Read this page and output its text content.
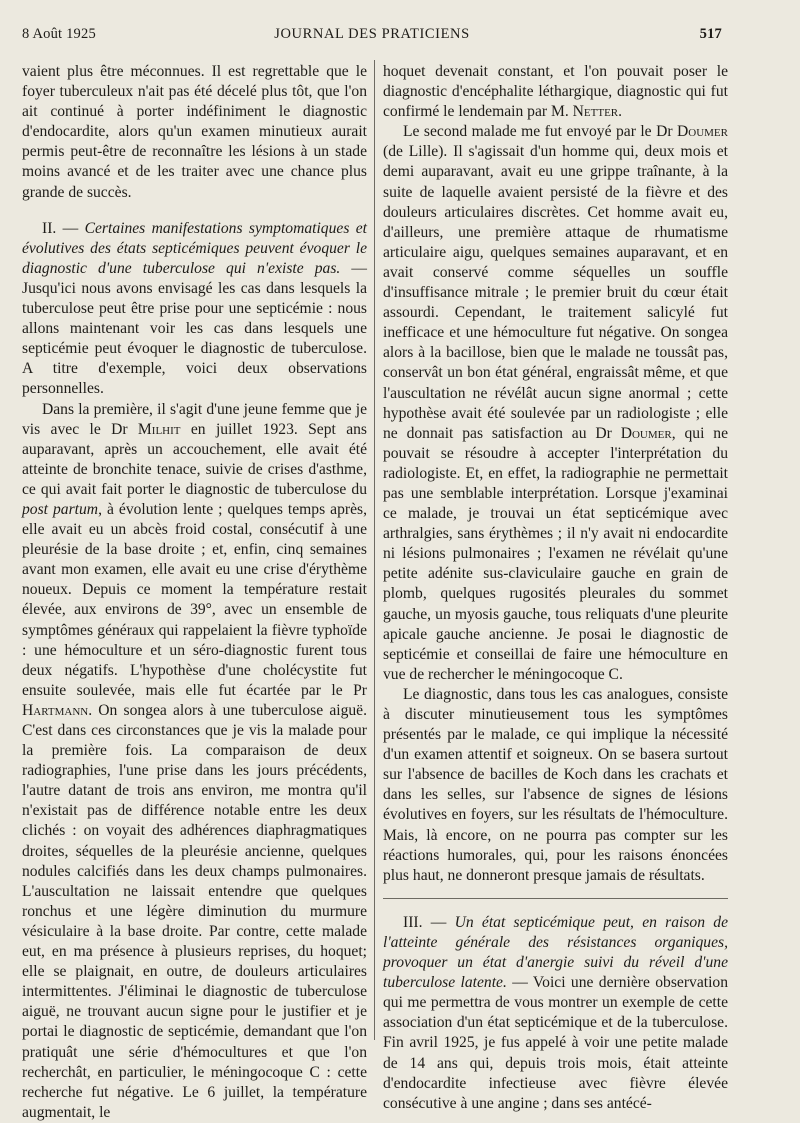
8 Août 1925	JOURNAL DES PRATICIENS	517

vaient plus être méconnues. Il est regrettable que le foyer tuberculeux n'ait pas été décelé plus tôt, que l'on ait continué à porter indéfiniment le diagnostic d'endocardite, alors qu'un examen minutieux aurait permis peut-être de reconnaître les lésions à un stade moins avancé et de les traiter avec une chance plus grande de succès.

II. — Certaines manifestations symptomatiques et évolutives des états septicémiques peuvent évoquer le diagnostic d'une tuberculose qui n'existe pas. — Jusqu'ici nous avons envisagé les cas dans lesquels la tuberculose peut être prise pour une septicémie : nous allons maintenant voir les cas dans lesquels une septicémie peut évoquer le diagnostic de tuberculose. A titre d'exemple, voici deux observations personnelles.

Dans la première, il s'agit d'une jeune femme que je vis avec le Dr Milhit en juillet 1923. Sept ans auparavant, après un accouchement, elle avait été atteinte de bronchite tenace, suivie de crises d'asthme, ce qui avait fait porter le diagnostic de tuberculose du post partum, à évolution lente ; quelques temps après, elle avait eu un abcès froid costal, consécutif à une pleurésie de la base droite ; et, enfin, cinq semaines avant mon examen, elle avait eu une crise d'érythème noueux. Depuis ce moment la température restait élevée, aux environs de 39°, avec un ensemble de symptômes généraux qui rappelaient la fièvre typhoïde : une hémoculture et un séro-diagnostic furent tous deux négatifs. L'hypothèse d'une cholécystite fut ensuite soulevée, mais elle fut écartée par le Pr Hartmann. On songea alors à une tuberculose aiguë. C'est dans ces circonstances que je vis la malade pour la première fois. La comparaison de deux radiographies, l'une prise dans les jours précédents, l'autre datant de trois ans environ, me montra qu'il n'existait pas de différence notable entre les deux clichés : on voyait des adhérences diaphragmatiques droites, séquelles de la pleurésie ancienne, quelques nodules calcifiés dans les deux champs pulmonaires. L'auscultation ne laissait entendre que quelques ronchus et une légère diminution du murmure vésiculaire à la base droite. Par contre, cette malade eut, en ma présence à plusieurs reprises, du hoquet; elle se plaignait, en outre, de douleurs articulaires intermittentes. J'éliminai le diagnostic de tuberculose aiguë, ne trouvant aucun signe pour le justifier et je portai le diagnostic de septicémie, demandant que l'on pratiquât une série d'hémocultures et que l'on recherchât, en particulier, le méningocoque C : cette recherche fut négative. Le 6 juillet, la température augmentait, le

hoquet devenait constant, et l'on pouvait poser le diagnostic d'encéphalite léthargique, diagnostic qui fut confirmé le lendemain par M. Netter.

Le second malade me fut envoyé par le Dr Doumer (de Lille). Il s'agissait d'un homme qui, deux mois et demi auparavant, avait eu une grippe traînante, à la suite de laquelle avaient persisté de la fièvre et des douleurs articulaires discrètes. Cet homme avait eu, d'ailleurs, une première attaque de rhumatisme articulaire aigu, quelques semaines auparavant, et en avait conservé comme séquelles un souffle d'insuffisance mitrale ; le premier bruit du cœur était assourdi. Cependant, le traitement salicylé fut inefficace et une hémoculture fut négative. On songea alors à la bacillose, bien que le malade ne toussât pas, conservât un bon état général, engraissât même, et que l'auscultation ne révélât aucun signe anormal ; cette hypothèse avait été soulevée par un radiologiste ; elle ne donnait pas satisfaction au Dr Doumer, qui ne pouvait se résoudre à accepter l'interprétation du radiologiste. Et, en effet, la radiographie ne permettait pas une semblable interprétation. Lorsque j'examinai ce malade, je trouvai un état septicémique avec arthralgies, sans érythèmes ; il n'y avait ni endocardite ni lésions pulmonaires ; l'examen ne révélait qu'une petite adénite sus-claviculaire gauche en grain de plomb, quelques rugosités pleurales du sommet gauche, un myosis gauche, tous reliquats d'une pleurite apicale gauche ancienne. Je posai le diagnostic de septicémie et conseillai de faire une hémoculture en vue de rechercher le méningocoque C.

Le diagnostic, dans tous les cas analogues, consiste à discuter minutieusement tous les symptômes présentés par le malade, ce qui implique la nécessité d'un examen attentif et soigneux. On se basera surtout sur l'absence de bacilles de Koch dans les crachats et dans les selles, sur l'absence de signes de lésions évolutives en foyers, sur les résultats de l'hémoculture. Mais, là encore, on ne pourra pas compter sur les réactions humorales, qui, pour les raisons énoncées plus haut, ne donneront presque jamais de résultats.

III. — Un état septicémique peut, en raison de l'atteinte générale des résistances organiques, provoquer un état d'anergie suivi du réveil d'une tuberculose latente. — Voici une dernière observation qui me permettra de vous montrer un exemple de cette association d'un état septicémique et de la tuberculose. Fin avril 1925, je fus appelé à voir une petite malade de 14 ans qui, depuis trois mois, était atteinte d'endocardite infectieuse avec fièvre élevée consécutive à une angine ; dans ses antécé-
